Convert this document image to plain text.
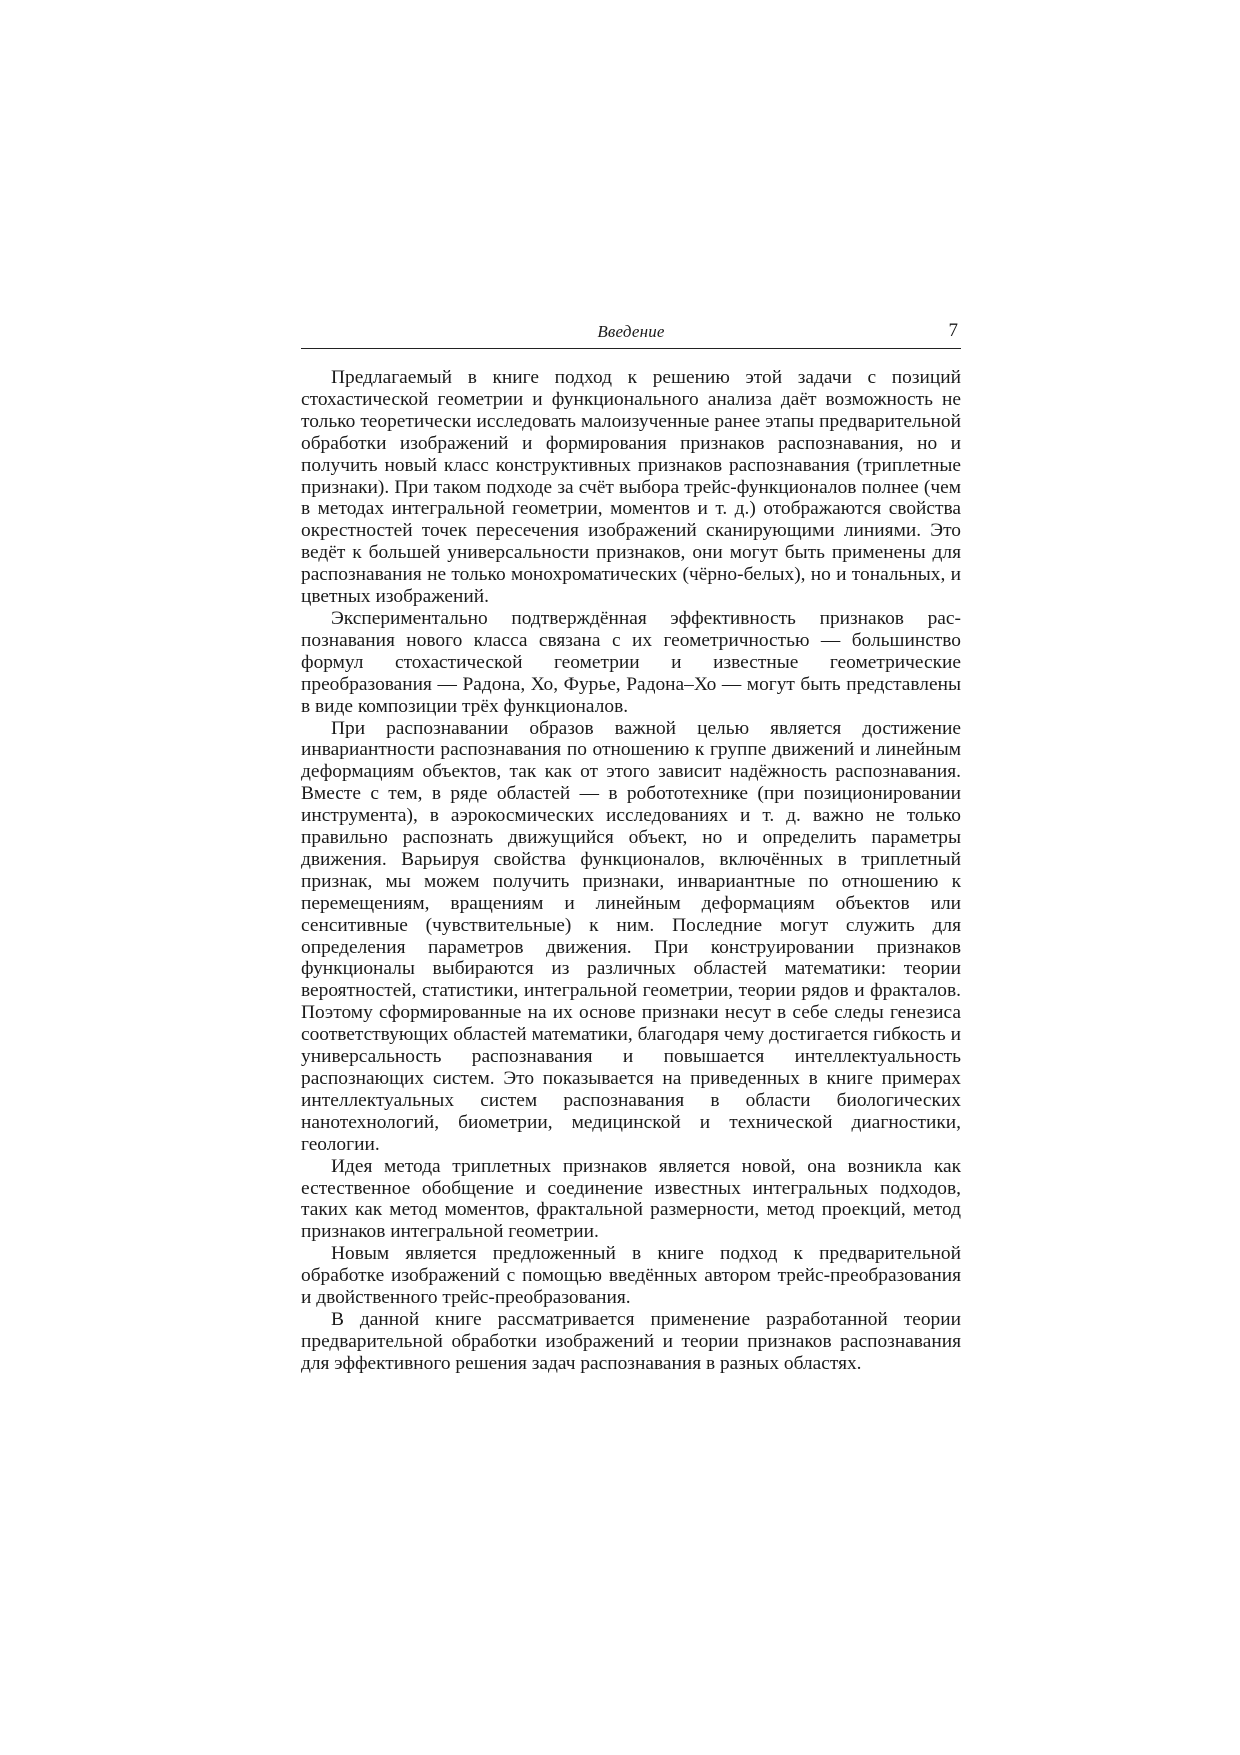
Введение	7

Предлагаемый в книге подход к решению этой задачи с позиций стохастической геометрии и функционального анализа даёт возможность не только теоретически исследовать малоизученные ранее этапы предварительной обработки изображений и формирования признаков распознавания, но и получить новый класс конструктивных признаков распознавания (триплетные признаки). При таком подходе за счёт выбора трейс-функционалов полнее (чем в методах интегральной геометрии, моментов и т. д.) отображаются свойства окрестностей точек пересечения изображений сканирующими линиями. Это ведёт к большей универсальности признаков, они могут быть применены для распознавания не только монохроматических (чёрно-белых), но и тональных, и цветных изображений.

Экспериментально подтверждённая эффективность признаков распознавания нового класса связана с их геометричностью — большинство формул стохастической геометрии и известные геометрические преобразования — Радона, Хо, Фурье, Радона–Хо — могут быть представлены в виде композиции трёх функционалов.

При распознавании образов важной целью является достижение инвариантности распознавания по отношению к группе движений и линейным деформациям объектов, так как от этого зависит надёжность распознавания. Вместе с тем, в ряде областей — в робототехнике (при позиционировании инструмента), в аэрокосмических исследованиях и т. д. важно не только правильно распознать движущийся объект, но и определить параметры движения. Варьируя свойства функционалов, включённых в триплетный признак, мы можем получить признаки, инвариантные по отношению к перемещениям, вращениям и линейным деформациям объектов или сенситивные (чувствительные) к ним. Последние могут служить для определения параметров движения. При конструировании признаков функционалы выбираются из различных областей математики: теории вероятностей, статистики, интегральной геометрии, теории рядов и фракталов. Поэтому сформированные на их основе признаки несут в себе следы генезиса соответствующих областей математики, благодаря чему достигается гибкость и универсальность распознавания и повышается интеллектуальность распознающих систем. Это показывается на приведенных в книге примерах интеллектуальных систем распознавания в области биологических нанотехнологий, биометрии, медицинской и технической диагностики, геологии.

Идея метода триплетных признаков является новой, она возникла как естественное обобщение и соединение известных интегральных подходов, таких как метод моментов, фрактальной размерности, метод проекций, метод признаков интегральной геометрии.

Новым является предложенный в книге подход к предварительной обработке изображений с помощью введённых автором трейс-преобразования и двойственного трейс-преобразования.

В данной книге рассматривается применение разработанной теории предварительной обработки изображений и теории признаков распознавания для эффективного решения задач распознавания в разных областях.
